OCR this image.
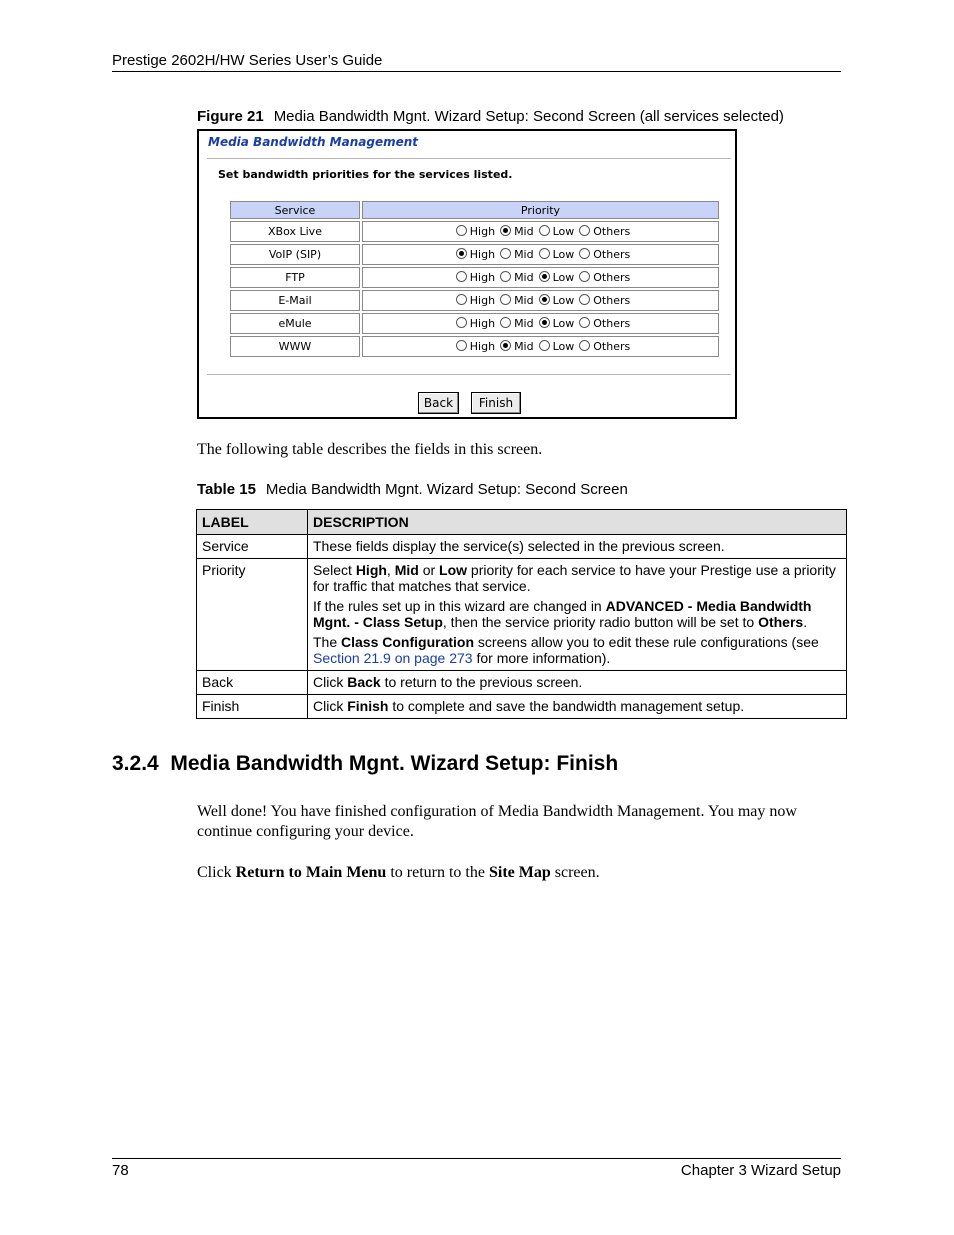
Prestige 2602H/HW Series User’s Guide
Figure 21 Media Bandwidth Mgnt. Wizard Setup: Second Screen (all services selected)
Media Bandwidth Management
Set bandwidth priorities for the services listed.
Service	Priority
XBox Live	High Mid Low Others
VoIP (SIP)	High Mid Low Others
FTP	High Mid Low Others
E-Mail	High Mid Low Others
eMule	High Mid Low Others
WWW	High Mid Low Others
Back	Finish
The following table describes the fields in this screen.
Table 15 Media Bandwidth Mgnt. Wizard Setup: Second Screen
LABEL	DESCRIPTION
Service	These fields display the service(s) selected in the previous screen.
Priority	Select High, Mid or Low priority for each service to have your Prestige use a priority for traffic that matches that service.

If the rules set up in this wizard are changed in ADVANCED - Media Bandwidth Mgnt. - Class Setup, then the service priority radio button will be set to Others.

The Class Configuration screens allow you to edit these rule configurations (see Section 21.9 on page 273 for more information).

Back	Click Back to return to the previous screen.
Finish	Click Finish to complete and save the bandwidth management setup.
3.2.4  Media Bandwidth Mgnt. Wizard Setup: Finish
Well done! You have finished configuration of Media Bandwidth Management. You may now continue configuring your device.
Click Return to Main Menu to return to the Site Map screen.
78	Chapter 3 Wizard Setup
